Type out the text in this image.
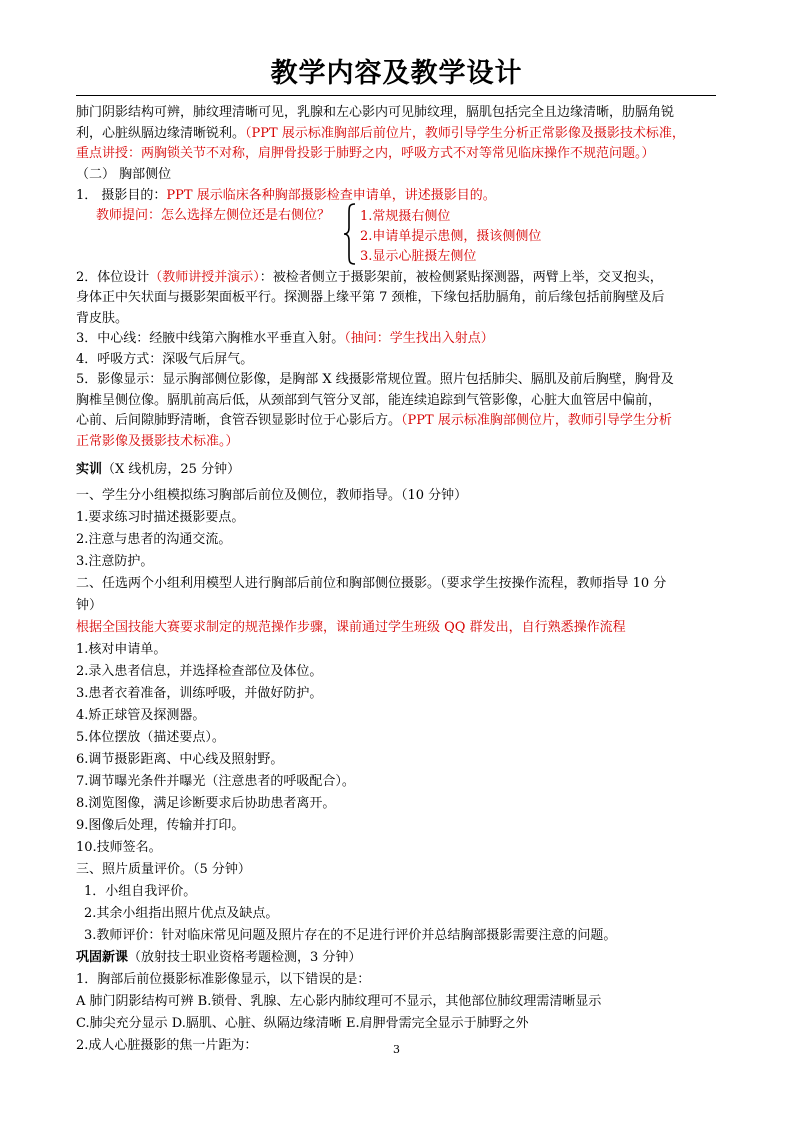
教学内容及教学设计
肺门阴影结构可辨，肺纹理清晰可见，乳腺和左心影内可见肺纹理，膈肌包括完全且边缘清晰，肋膈角锐
利，心脏纵膈边缘清晰锐利。（PPT 展示标准胸部后前位片，教师引导学生分析正常影像及摄影技术标准，
重点讲授：两胸锁关节不对称，肩胛骨投影于肺野之内，呼吸方式不对等常见临床操作不规范问题。）
（二） 胸部侧位
1． 摄影目的：PPT 展示临床各种胸部摄影检查申请单，讲述摄影目的。
教师提问：怎么选择左侧位还是右侧位？ 1.常规摄右侧位
2.申请单提示患侧，摄该侧侧位
3.显示心脏摄左侧位
2．体位设计（教师讲授并演示）：被检者侧立于摄影架前，被检侧紧贴探测器，两臂上举，交叉抱头，
身体正中矢状面与摄影架面板平行。探测器上缘平第 7 颈椎，下缘包括肋膈角，前后缘包括前胸壁及后
背皮肤。
3．中心线：经腋中线第六胸椎水平垂直入射。（抽问：学生找出入射点）
4．呼吸方式：深吸气后屏气。
5．影像显示：显示胸部侧位影像，是胸部 X 线摄影常规位置。照片包括肺尖、膈肌及前后胸壁，胸骨及
胸椎呈侧位像。膈肌前高后低，从颈部到气管分叉部，能连续追踪到气管影像，心脏大血管居中偏前，
心前、后间隙肺野清晰，食管吞钡显影时位于心影后方。（PPT 展示标准胸部侧位片，教师引导学生分析
正常影像及摄影技术标准。）
实训（X 线机房，25 分钟）
一、学生分小组模拟练习胸部后前位及侧位，教师指导。（10 分钟）
1.要求练习时描述摄影要点。
2.注意与患者的沟通交流。
3.注意防护。
二、任选两个小组利用模型人进行胸部后前位和胸部侧位摄影。（要求学生按操作流程，教师指导 10 分
钟）
根据全国技能大赛要求制定的规范操作步骤，课前通过学生班级 QQ 群发出，自行熟悉操作流程
1.核对申请单。
2.录入患者信息，并选择检查部位及体位。
3.患者衣着准备，训练呼吸，并做好防护。
4.矫正球管及探测器。
5.体位摆放（描述要点）。
6.调节摄影距离、中心线及照射野。
7.调节曝光条件并曝光（注意患者的呼吸配合）。
8.浏览图像，满足诊断要求后协助患者离开。
9.图像后处理，传输并打印。
10.技师签名。
三、照片质量评价。（5 分钟）
1．小组自我评价。
2.其余小组指出照片优点及缺点。
3.教师评价：针对临床常见问题及照片存在的不足进行评价并总结胸部摄影需要注意的问题。
巩固新课（放射技士职业资格考题检测，3 分钟）
1．胸部后前位摄影标准影像显示，以下错误的是：
A 肺门阴影结构可辨 B.锁骨、乳腺、左心影内肺纹理可不显示，其他部位肺纹理需清晰显示
C.肺尖充分显示 D.膈肌、心脏、纵隔边缘清晰 E.肩胛骨需完全显示于肺野之外
2.成人心脏摄影的焦一片距为：	3
